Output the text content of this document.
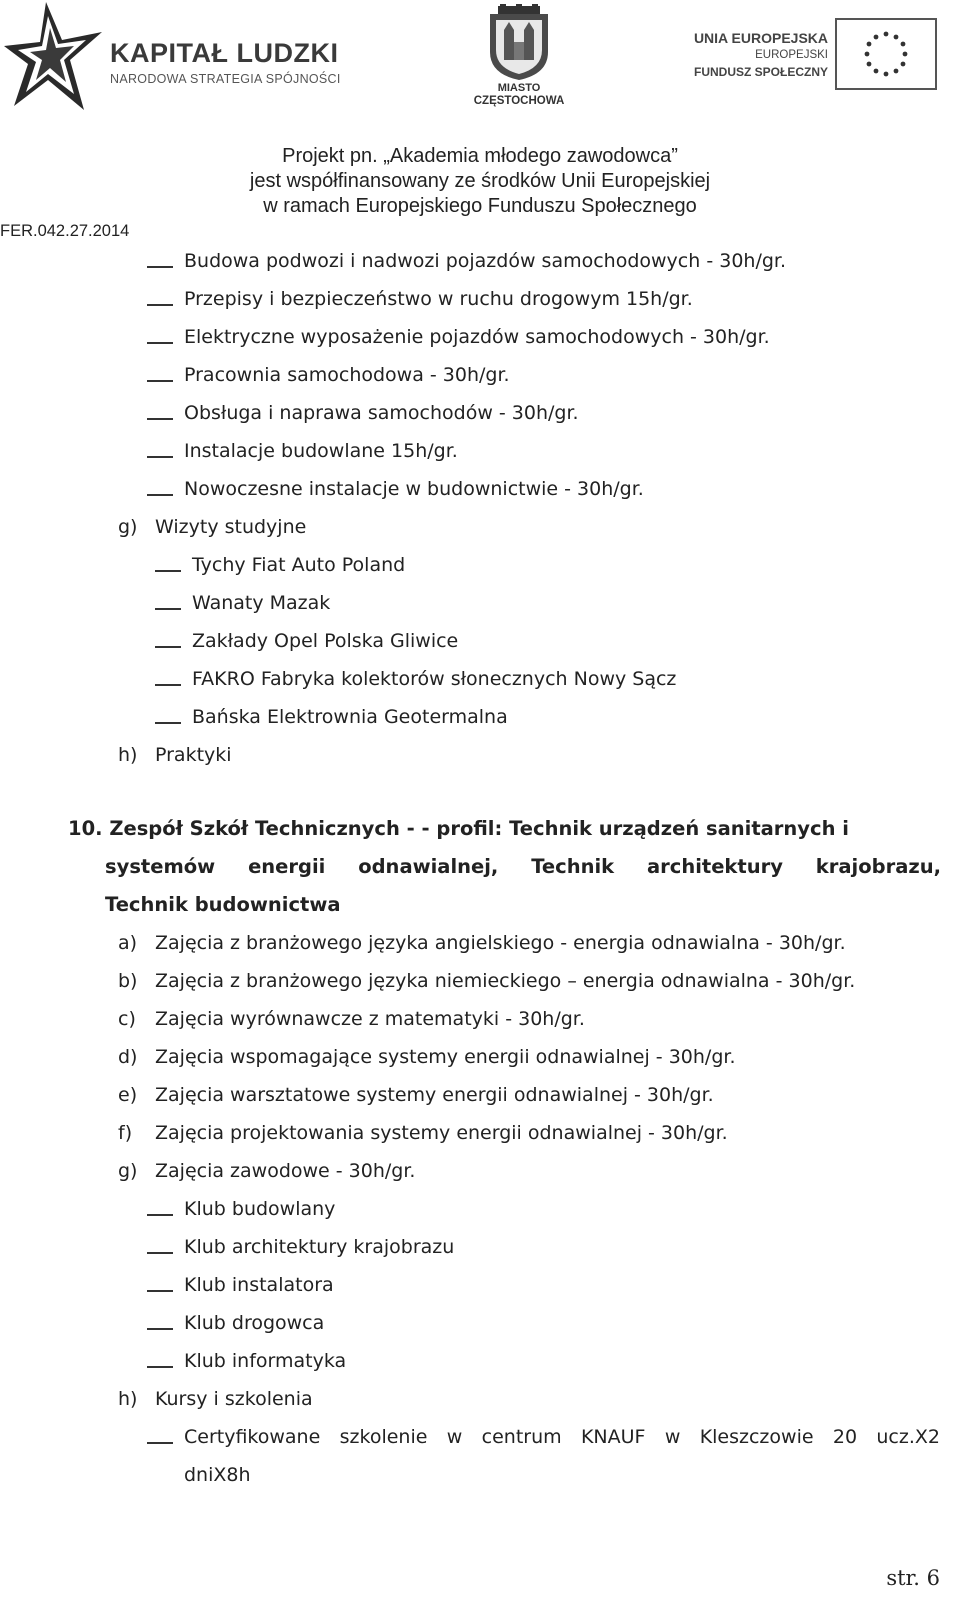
KAPITAŁ LUDZKI
NARODOWA STRATEGIA SPÓJNOŚCI
MIASTO
CZĘSTOCHOWA
UNIA EUROPEJSKA
EUROPEJSKI
FUNDUSZ SPOŁECZNY
Projekt pn. „Akademia młodego zawodowca”
jest współfinansowany ze środków Unii Europejskiej
w ramach Europejskiego Funduszu Społecznego
FER.042.27.2014
Budowa podwozi i nadwozi pojazdów samochodowych - 30h/gr.
Przepisy i bezpieczeństwo w ruchu drogowym 15h/gr.
Elektryczne wyposażenie pojazdów samochodowych - 30h/gr.
Pracownia samochodowa - 30h/gr.
Obsługa i naprawa samochodów - 30h/gr.
Instalacje budowlane 15h/gr.
Nowoczesne instalacje w budownictwie - 30h/gr.
g) Wizyty studyjne
Tychy Fiat Auto Poland
Wanaty Mazak
Zakłady Opel Polska Gliwice
FAKRO Fabryka kolektorów słonecznych Nowy Sącz
Bańska Elektrownia Geotermalna
h) Praktyki
10. Zespół Szkół Technicznych - - profil: Technik urządzeń sanitarnych i
systemów energii odnawialnej, Technik architektury krajobrazu,
Technik budownictwa
a) Zajęcia z branżowego języka angielskiego - energia odnawialna - 30h/gr.
b) Zajęcia z branżowego języka niemieckiego – energia odnawialna - 30h/gr.
c) Zajęcia wyrównawcze z matematyki - 30h/gr.
d) Zajęcia wspomagające systemy energii odnawialnej - 30h/gr.
e) Zajęcia warsztatowe systemy energii odnawialnej - 30h/gr.
f) Zajęcia projektowania systemy energii odnawialnej - 30h/gr.
g) Zajęcia zawodowe - 30h/gr.
Klub budowlany
Klub architektury krajobrazu
Klub instalatora
Klub drogowca
Klub informatyka
h) Kursy i szkolenia
Certyfikowane szkolenie w centrum KNAUF w Kleszczowie 20 ucz.X2
dniX8h
str. 6
